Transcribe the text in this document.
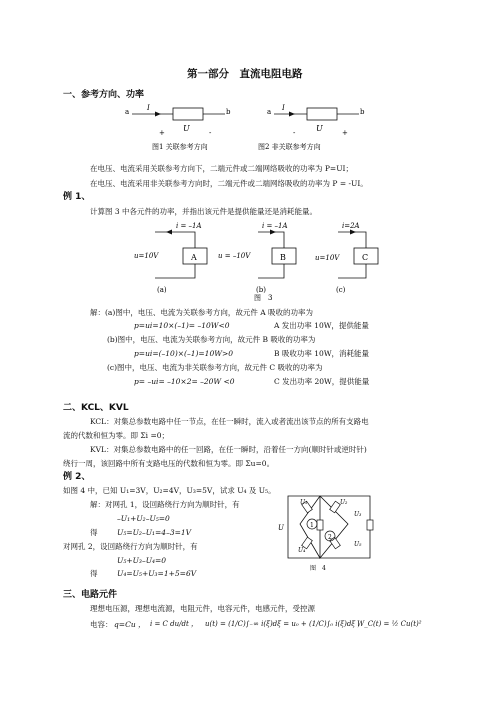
第一部分　直流电阻电路
一、参考方向、功率
a	I	b
+ U	-
图1 关联参考方向
a I	b
-	U	+
图2 非关联参考方向
在电压、电流采用关联参考方向下，二端元件或二端网络吸收的功率为 P=UI；
在电压、电流采用非关联参考方向时，二端元件或二端网络吸收的功率为 P = -UI。
例 1、
计算图 3 中各元件的功率，并指出该元件是提供能量还是消耗能量。
i = –1A
A
u=10V
(a)
i = –1A
B
u = –10V
(b)
i=2A
C
u=10V
(c)
图　3
解：(a)图中，电压、电流为关联参考方向，故元件 A 吸收的功率为
p=ui=10×(–1)= –10W<0	A 发出功率 10W，提供能量
(b)图中，电压、电流为关联参考方向，故元件 B 吸收的功率为
p=ui=(–10)×(–1)=10W>0	B 吸收功率 10W，消耗能量
(c)图中，电压、电流为非关联参考方向，故元件 C 吸收的功率为
p= –ui= –10×2= –20W <0	C 发出功率 20W，提供能量
二、KCL、KVL
KCL：对集总参数电路中任一节点，在任一瞬时，流入或者流出该节点的所有支路电
流的代数和恒为零。即 Σi =0；
KVL：对集总参数电路中的任一回路，在任一瞬时，沿着任一方向(顺时针或逆时针)
绕行一周，该回路中所有支路电压的代数和恒为零。即 Σu=0。
例 2、
如图 4 中，已知 U₁=3V，U₂=4V，U₃=5V，试求 U₄ 及 U₅。
解：对网孔 1，设回路绕行方向为顺时针，有
–U₁+U₂–U₅=0
得	U₅=U₂–U₁=4–3=1V
对网孔 2，设回路绕行方向为顺时针，有
U₅+U₃–U₄=0
得	U₄=U₅+U₃=1+5=6V
1
2
U₁	U₂
U₃
U₄
U₅
U
图　4
三、电路元件
理想电压源，理想电流源，电阻元件，电容元件，电感元件，受控源
电容： q=Cu ， i = C du/dt ， u(t) = (1/C)∫₋∞ i(ξ)dξ = u₀ + (1/C)∫₀ i(ξ)dξ ，
W_C(t) = ½ Cu(t)²
